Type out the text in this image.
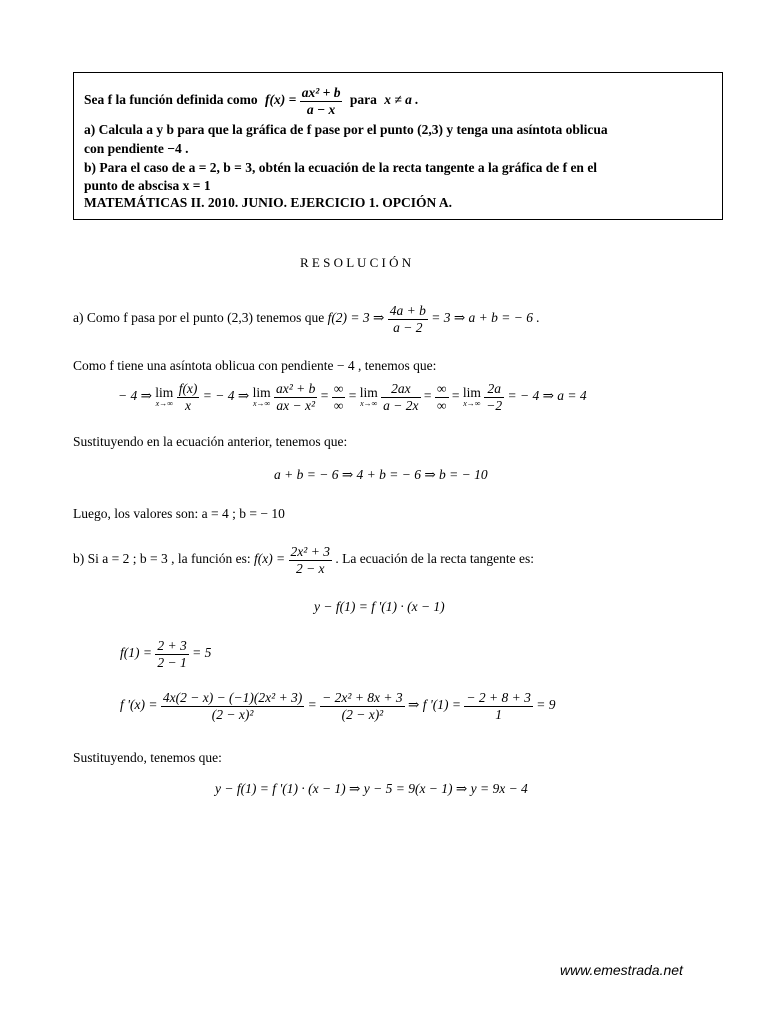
Sea f la función definida como $f(x) = \frac{\text{ax² + b}}{a - x}$ para x ≠ a .
a) Calcula a y b para que la gráfica de f pase por el punto (2,3) y tenga una asíntota oblicua
con pendiente −4 .
b) Para el caso de a = 2, b = 3, obtén la ecuación de la recta tangente a la gráfica de f en el
punto de abscisa x = 1
MATEMÁTICAS II. 2010. JUNIO. EJERCICIO 1. OPCIÓN A.
R E S O L U C I Ó N
a) Como f pasa por el punto (2,3) tenemos que f(2) = 3 ⇒ $\frac{4a + b}{a - 2} = 3$ ⇒ a + b = − 6 .
Como f tiene una asíntota oblicua con pendiente − 4 , tenemos que:
− 4 ⇒ lim
x→∞
$\frac{f(x)}{x}$ = − 4 ⇒ lim
x→∞
$\frac{\text{ax² + b}}{\text{ax − x²}} = \frac{\infty}{\infty} = \lim$
x→∞
$\frac{2ax}{a - 2x} = \frac{\infty}{\infty} = \lim$
x→∞
$\frac{2a}{-2}$ = − 4 ⇒ a = 4
Sustituyendo en la ecuación anterior, tenemos que:
a + b = − 6 ⇒ 4 + b = − 6 ⇒ b = − 10
Luego, los valores son: a = 4 ; b = − 10
b) Si a = 2 ; b = 3 , la función es: $f(x) = \frac{\text{2x² + 3}}{2 - x}$ . La ecuación de la recta tangente es:
y − f(1) = f '(1) · (x − 1)
$f(1) = \frac{2 + 3}{2 - 1} = 5$
f '$(x) = \frac{\text{4x(2 − x) − (−1)(2x² + 3)}}{\text{(2 − x)²}} = \frac{\text{− 2x² + 8x + 3}}{\text{(2 − x)²}}$ ⇒ f '$(1) = \frac{- 2 + 8 + 3}{1} = 9$
Sustituyendo, tenemos que:
y − f(1) = f '(1) · (x − 1) ⇒ y − 5 = 9(x − 1) ⇒ y = 9x − 4
www.emestrada.net
